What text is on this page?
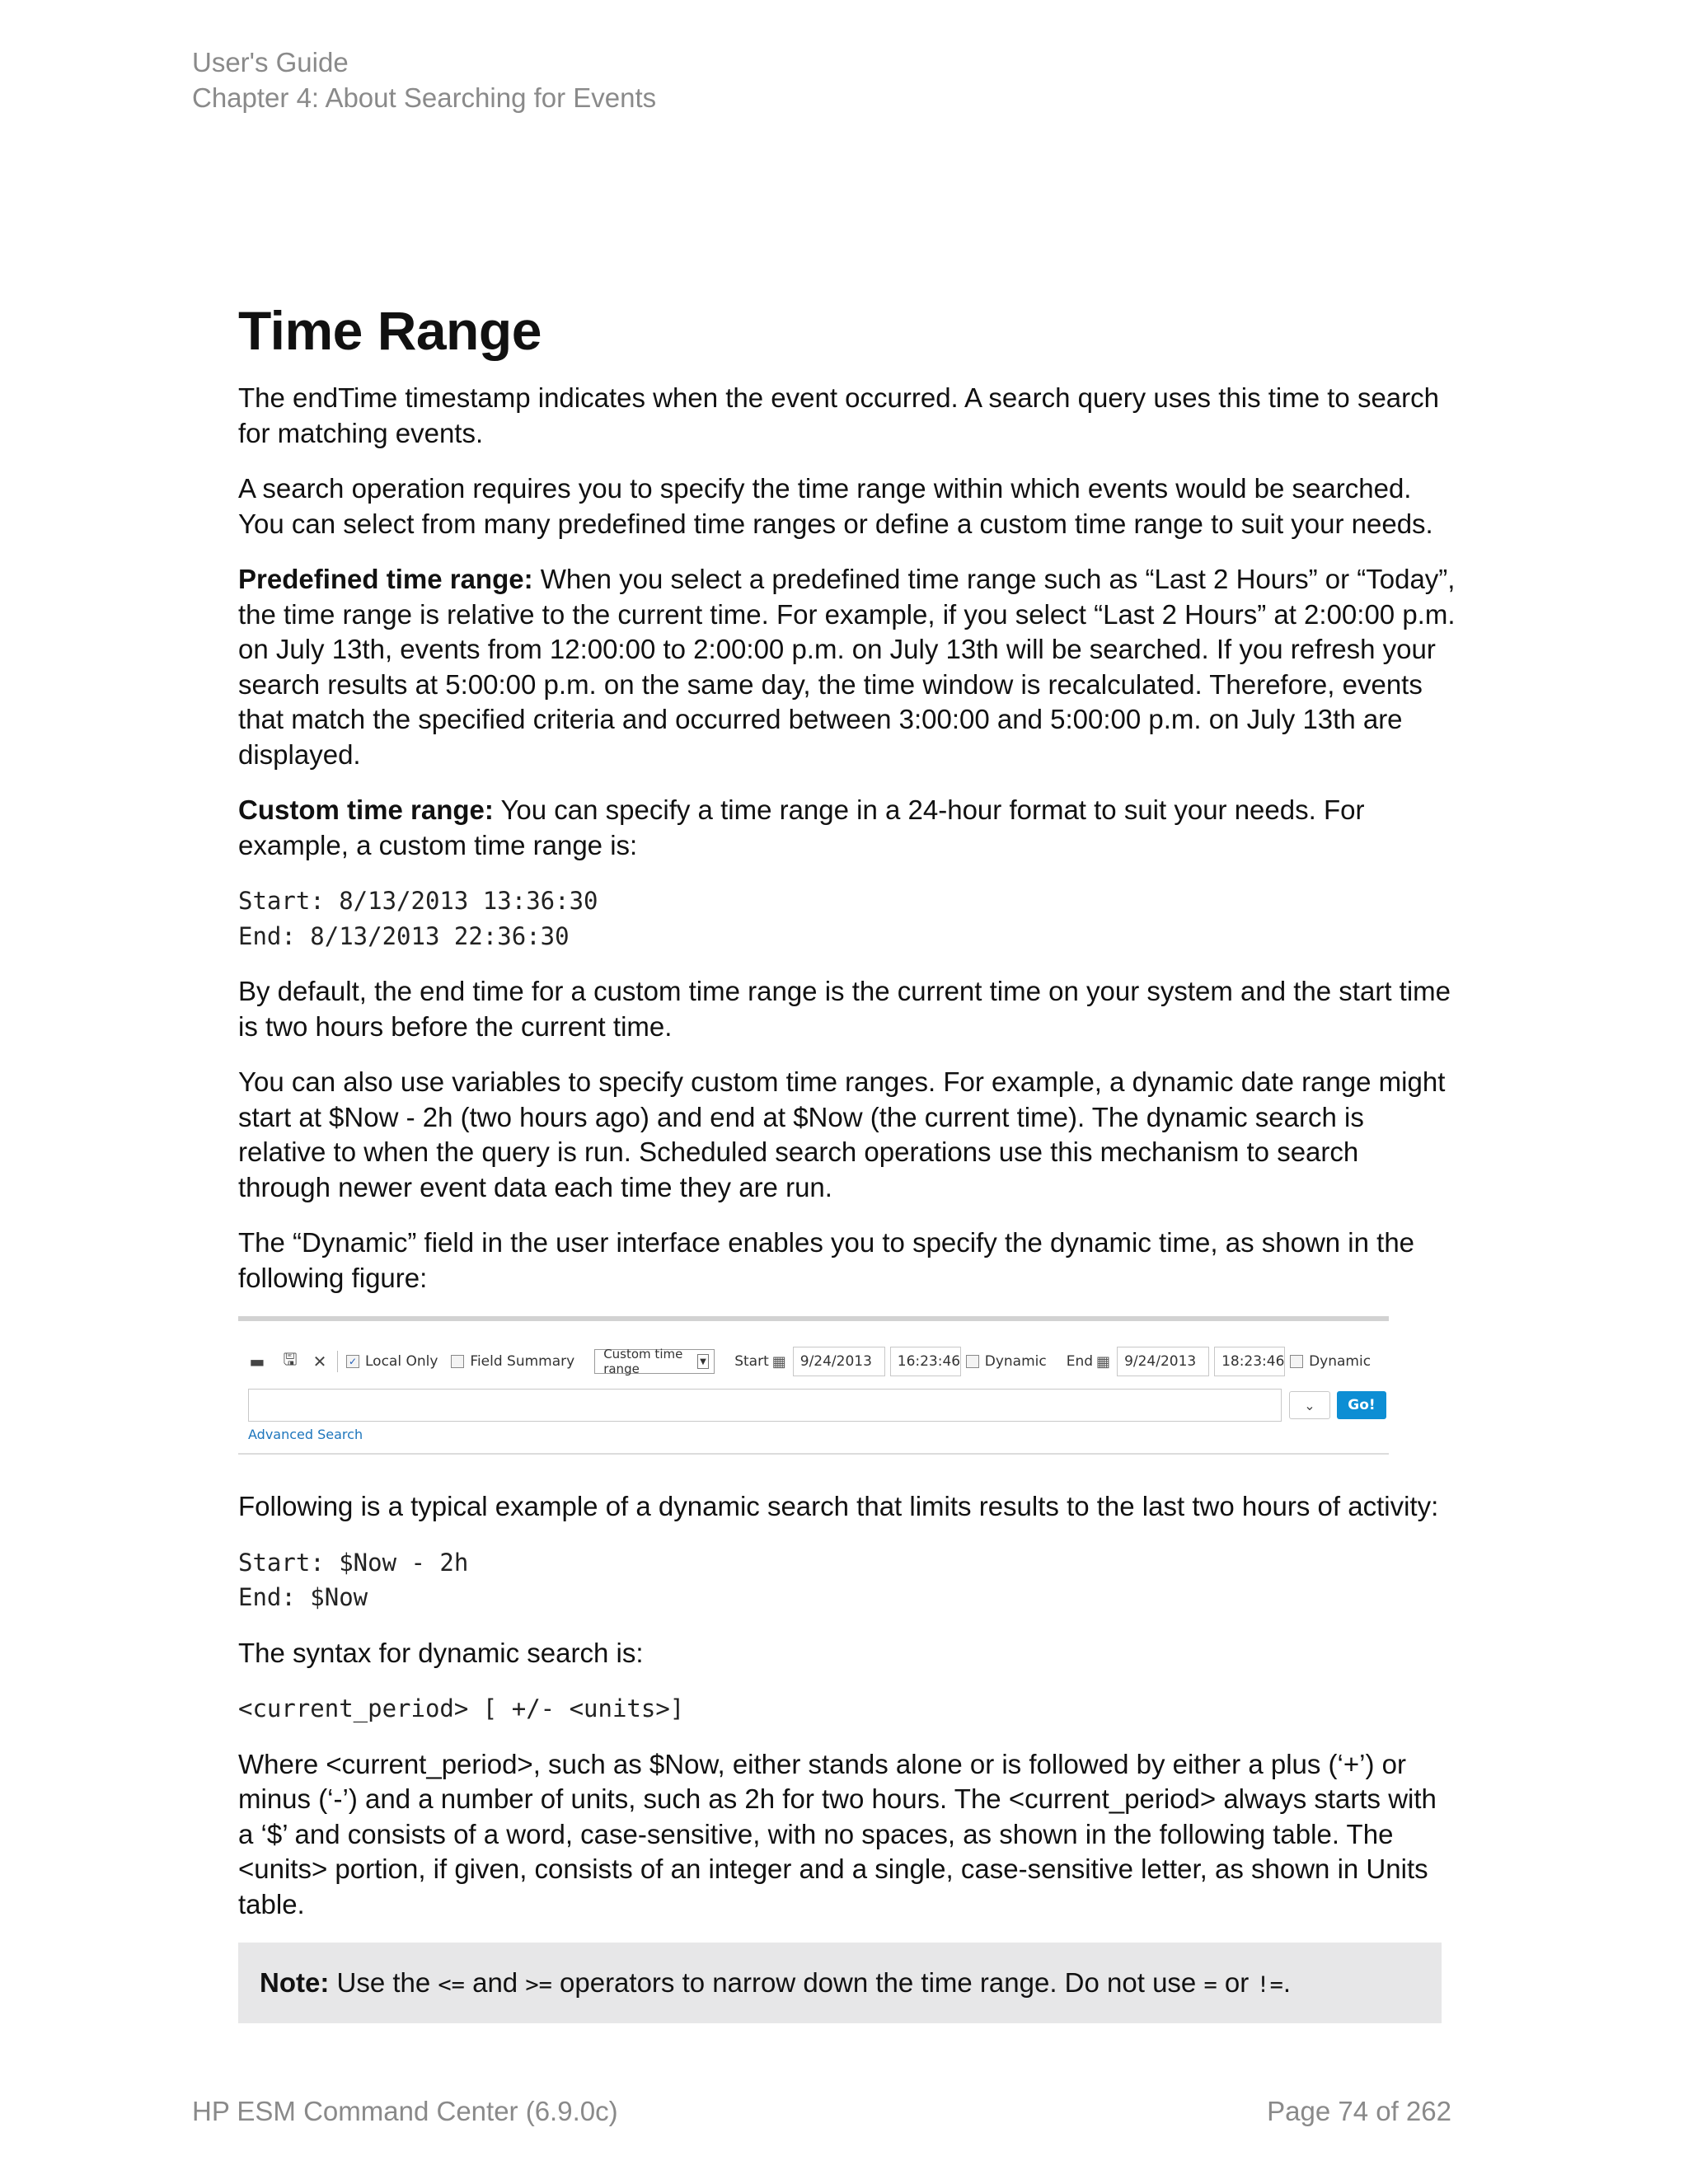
User's Guide
Chapter 4: About Searching for Events
Time Range

The endTime timestamp indicates when the event occurred. A search query uses this time to search for matching events.

A search operation requires you to specify the time range within which events would be searched. You can select from many predefined time ranges or define a custom time range to suit your needs.

Predefined time range: When you select a predefined time range such as “Last 2 Hours” or “Today”, the time range is relative to the current time. For example, if you select “Last 2 Hours” at 2:00:00 p.m. on July 13th, events from 12:00:00 to 2:00:00 p.m. on July 13th will be searched. If you refresh your search results at 5:00:00 p.m. on the same day, the time window is recalculated. Therefore, events that match the specified criteria and occurred between 3:00:00 and 5:00:00 p.m. on July 13th are displayed.

Custom time range: You can specify a time range in a 24-hour format to suit your needs. For example, a custom time range is:

Start: 8/13/2013 13:36:30
End: 8/13/2013 22:36:30

By default, the end time for a custom time range is the current time on your system and the start time is two hours before the current time.

You can also use variables to specify custom time ranges. For example, a dynamic date range might start at $Now - 2h (two hours ago) and end at $Now (the current time). The dynamic search is relative to when the query is run. Scheduled search operations use this mechanism to search through newer event data each time they are run.

The “Dynamic” field in the user interface enables you to specify the dynamic time, as shown in the following figure:

▬ 🖫 ✕ ✓ Local Only Field Summary Custom time range	▼ Start ▦	9/24/2013	16:23:46 Dynamic End ▦	9/24/2013	18:23:46 Dynamic
⌄	Go!
Advanced Search

Following is a typical example of a dynamic search that limits results to the last two hours of activity:

Start: $Now - 2h
End: $Now

The syntax for dynamic search is:

<current_period> [ +/- <units>]

Where <current_period>, such as $Now, either stands alone or is followed by either a plus (‘+’) or minus (‘-’) and a number of units, such as 2h for two hours. The <current_period> always starts with a ‘$’ and consists of a word, case-sensitive, with no spaces, as shown in the following table. The <units> portion, if given, consists of an integer and a single, case-sensitive letter, as shown in Units table.

Note: Use the <= and >= operators to narrow down the time range. Do not use = or !=.
HP ESM Command Center (6.9.0c)	Page 74 of 262
